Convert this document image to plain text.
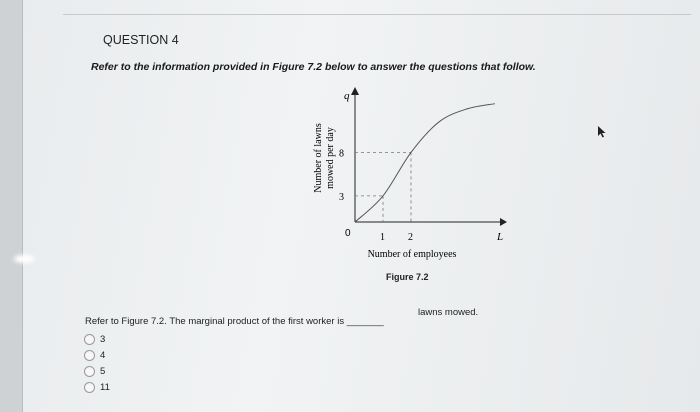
QUESTION 4
Refer to the information provided in Figure 7.2 below to answer the questions that follow.
q
L
0	1 2
3
8
Number of employees
Number of lawns mowed per day
Figure 7.2
Refer to Figure 7.2. The marginal product of the first worker is _______
lawns mowed.
3
4
5
11
